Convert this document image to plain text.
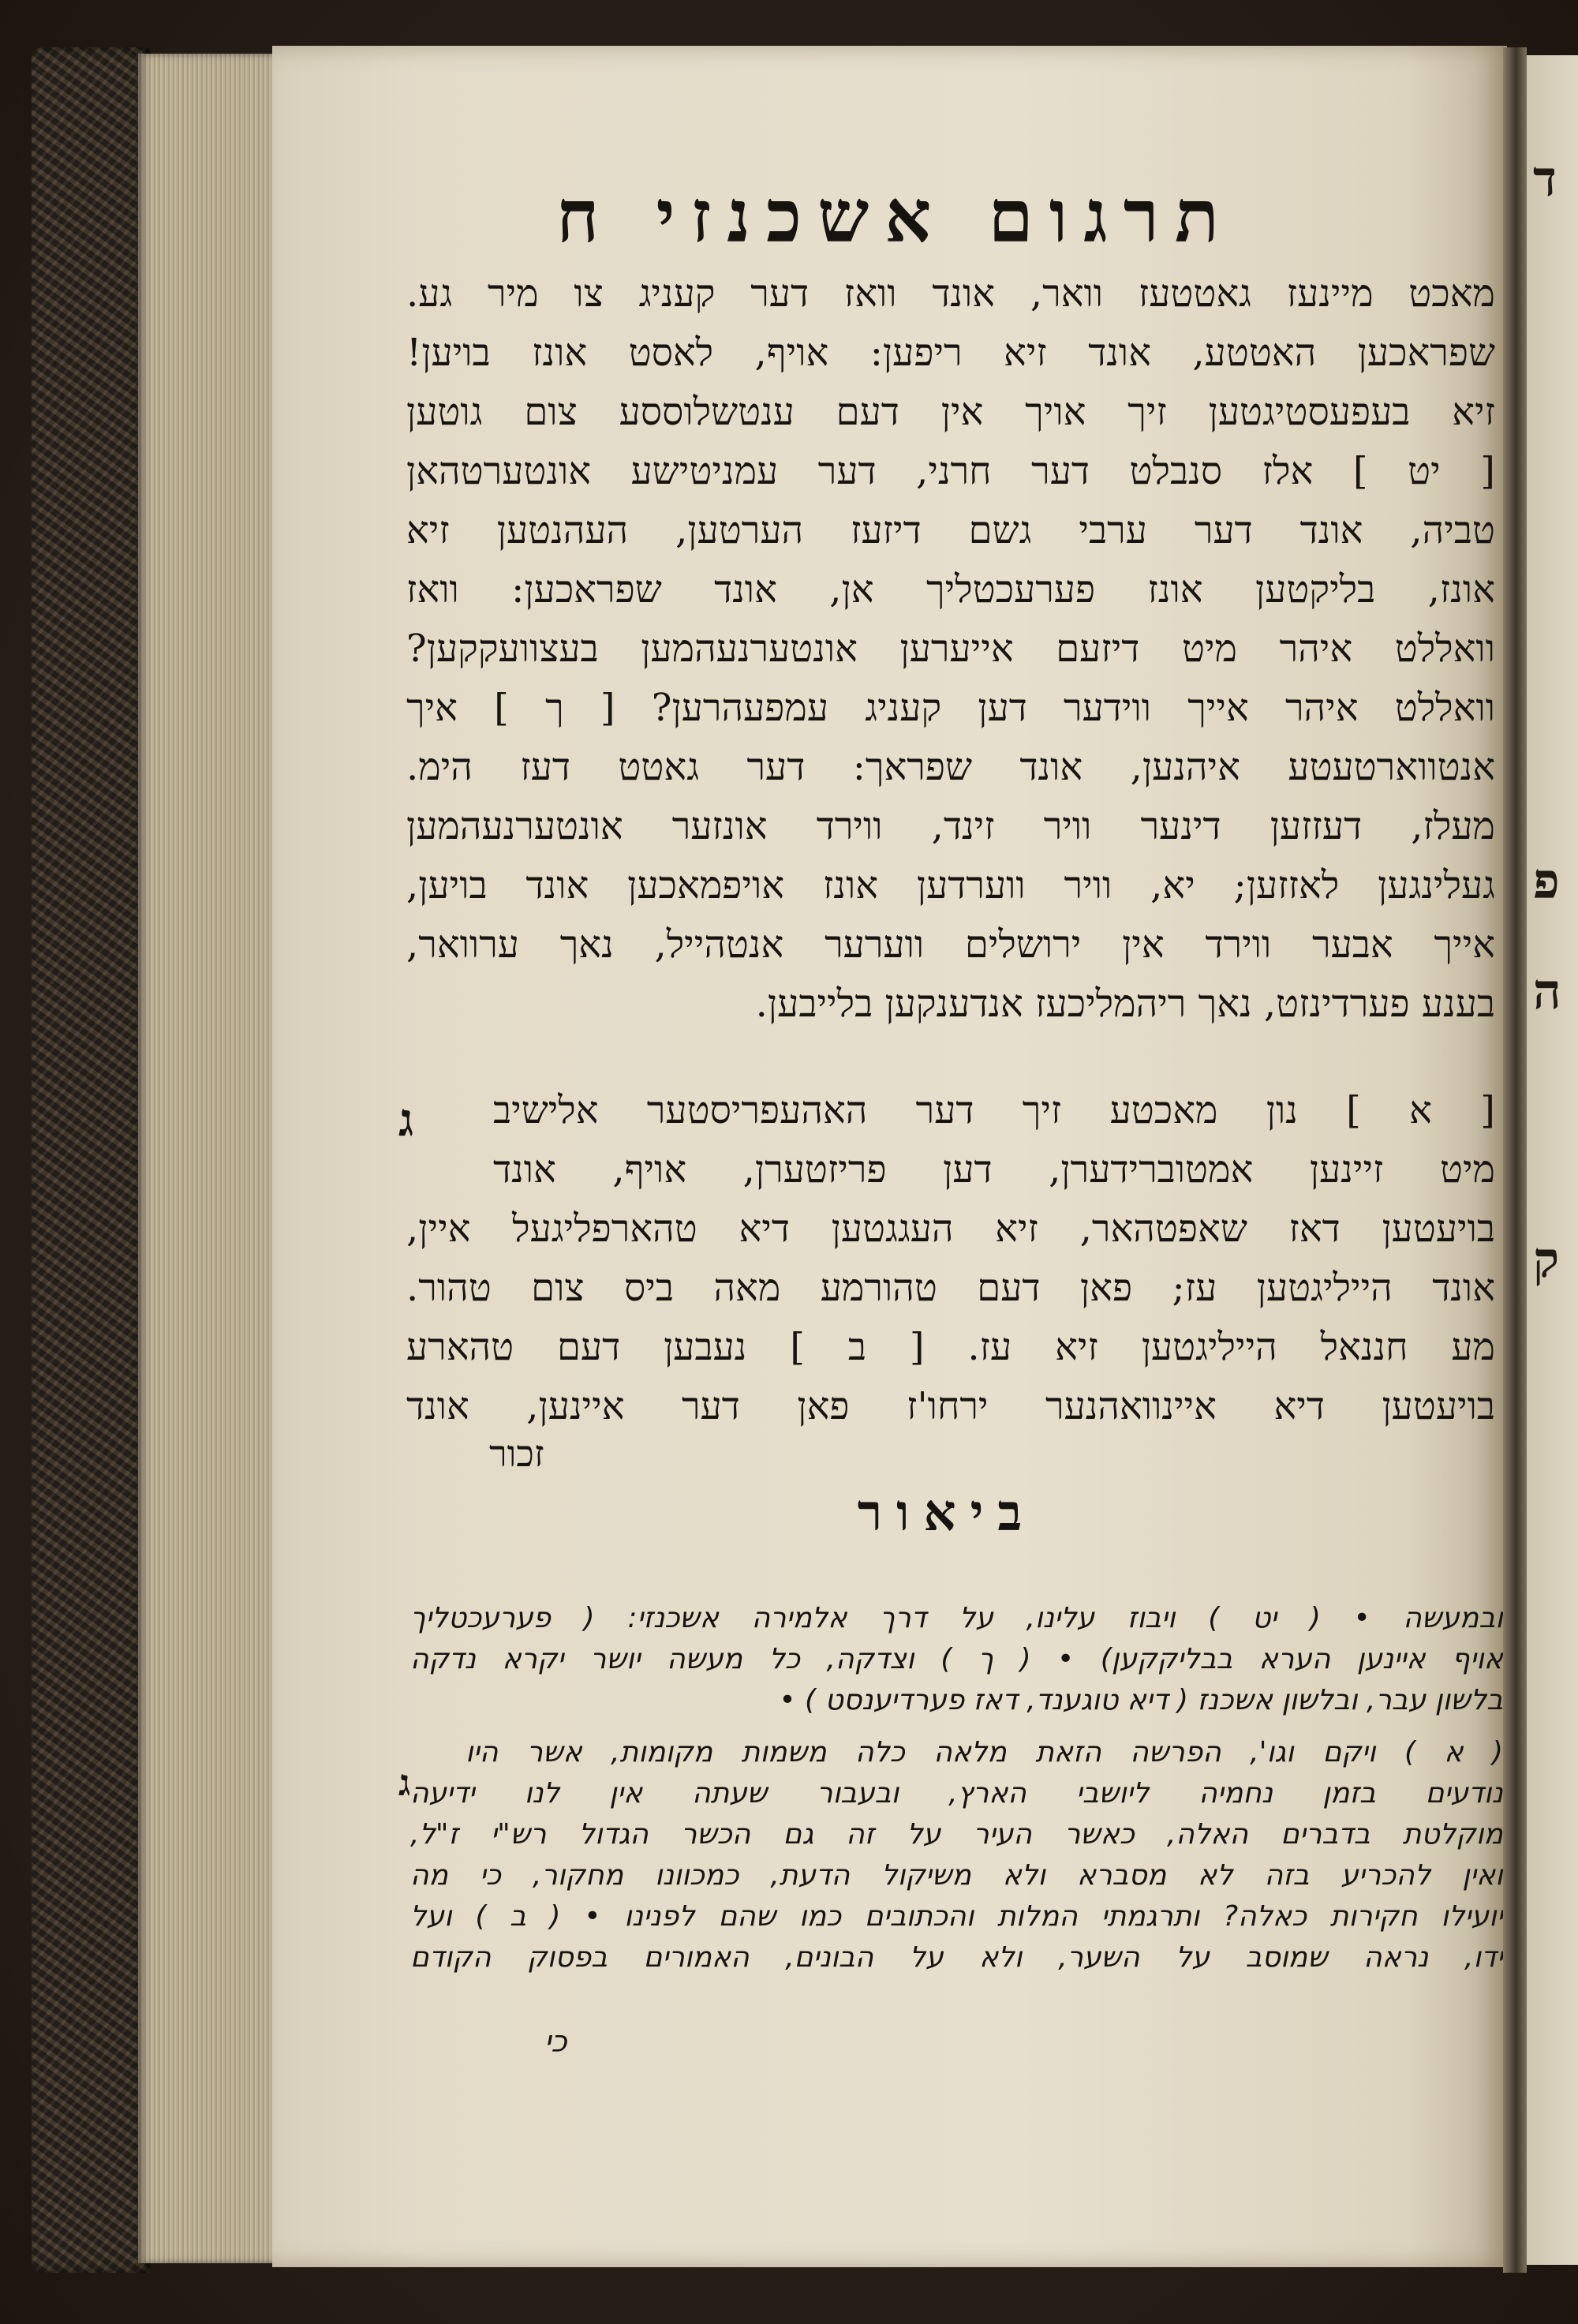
ד
פ
ה
ק
תרגום אשכנזי ח
מאכט מיינעז גאטטעז וואר, אונד וואז דער קעניג צו מיר גע.
שפראכען האטטע, אונד זיא ריפען: אויף, לאסט אונז בויען!
זיא בעפעסטיגטען זיך אויך אין דעם ענטשלוססע צום גוטען
[ יט ] אלז סנבלט דער חרני, דער עמניטישע אונטערטהאן
טביה, אונד דער ערבי גשם דיזעז הערטען, העהנטען זיא
אונז, בליקטען אונז פערעכטליך אן, אונד שפראכען: וואז
וואללט איהר מיט דיזעם אייערען אונטערנעהמען בעצוועקקען?
וואללט איהר אייך ווידער דען קעניג עמפעהרען? [ ך ] איך
אנטווארטעטע איהנען, אונד שפראך: דער גאטט דעז הימ.
מעלז, דעזזען דינער וויר זינד, ווירד אונזער אונטערנעהמען
געלינגען לאזזען; יא, וויר ווערדען אונז אויפמאכען אונד בויען,
אייך אבער ווירד אין ירושלים ווערער אנטהייל, נאך ערוואר,
בענע פערדינזט, נאך ריהמליכעז אנדענקען בלייבען.
[ א ] נון מאכטע זיך דער האהעפריסטער אלישיב
מיט זיינען אמטוברידערן, דען פריזטערן, אויף, אונד
בויעטען דאז שאפטהאר, זיא העגגטען דיא טהארפליגעל איין,
אונד הייליגטען עז; פאן דעם טהורמע מאה ביס צום טהור.
מע חננאל הייליגטען זיא עז. [ ב ] נעבען דעם טהארע
בויעטען דיא איינוואהנער ירחו'ז פאן דער איינען, אונד
ג
זכור
ביאור
ובמעשה • ( יט ) ויבוז עלינו, על דרך אלמירה אשכנזי: ( פערעכטליך
אויף איינען הערא בבליקקען) • ( ך ) וצדקה, כל מעשה יושר יקרא נדקה
בלשון עבר, ובלשון אשכנז ( דיא טוגענד, דאז פערדיענסט ) •
( א ) ויקם וגו', הפרשה הזאת מלאה כלה משמות מקומות, אשר היו
נודעים בזמן נחמיה ליושבי הארץ, ובעבור שעתה אין לנו ידיעה
מוקלטת בדברים האלה, כאשר העיר על זה גם הכשר הגדול רש"י ז"ל,
ואין להכריע בזה לא מסברא ולא משיקול הדעת, כמכוונו מחקור, כי מה
יועילו חקירות כאלה? ותרגמתי המלות והכתובים כמו שהם לפנינו • ( ב ) ועל
ידו, נראה שמוסב על השער, ולא על הבונים, האמורים בפסוק הקודם
ג
כי
